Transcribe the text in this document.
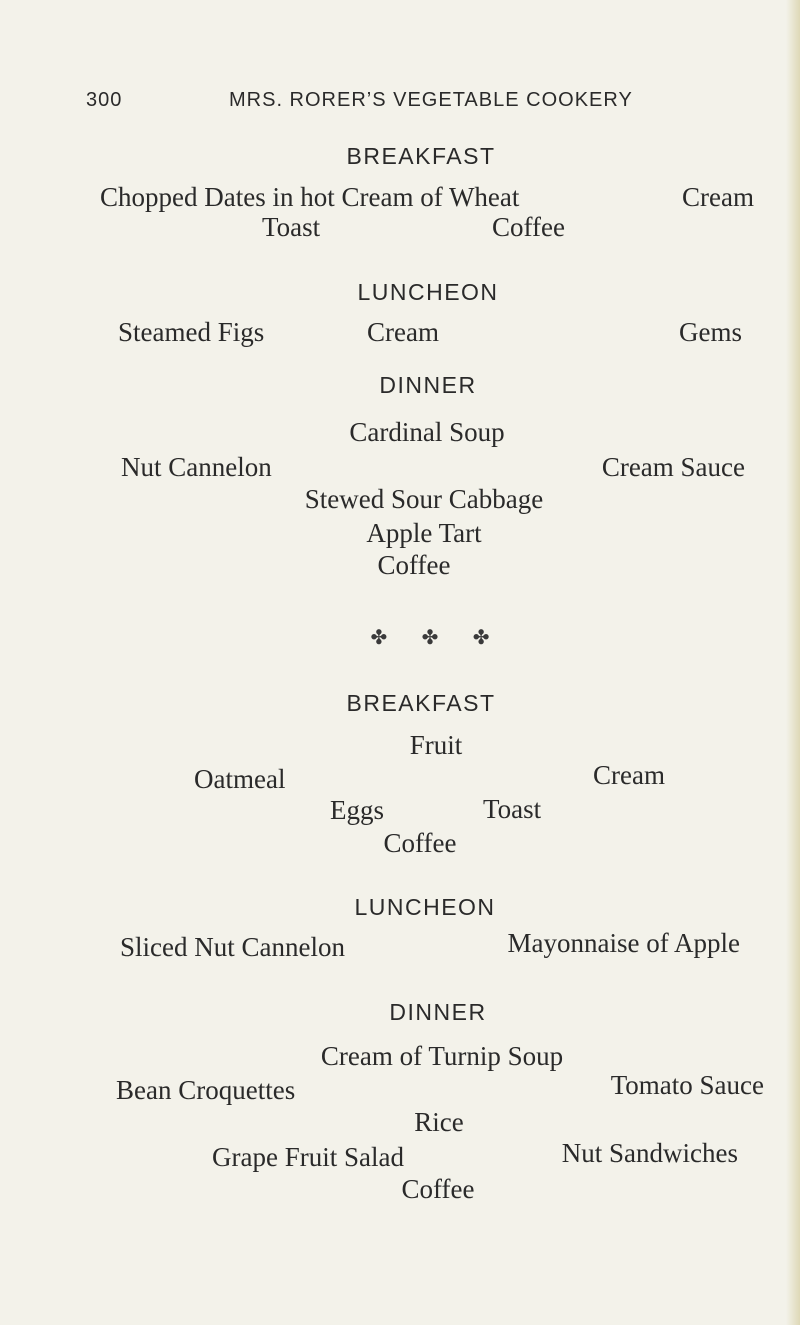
300	MRS. RORER’S VEGETABLE COOKERY
BREAKFAST
Chopped Dates in hot Cream of Wheat	Cream
Toast	Coffee
LUNCHEON
Steamed Figs	Cream	Gems
DINNER
Cardinal Soup
Nut Cannelon	Cream Sauce
Stewed Sour Cabbage
Apple Tart
Coffee
✤ ✤ ✤
BREAKFAST
Fruit
Oatmeal	Cream
Eggs	Toast
Coffee
LUNCHEON
Sliced Nut Cannelon	Mayonnaise of Apple
DINNER
Cream of Turnip Soup
Bean Croquettes	Tomato Sauce
Rice
Grape Fruit Salad	Nut Sandwiches
Coffee
